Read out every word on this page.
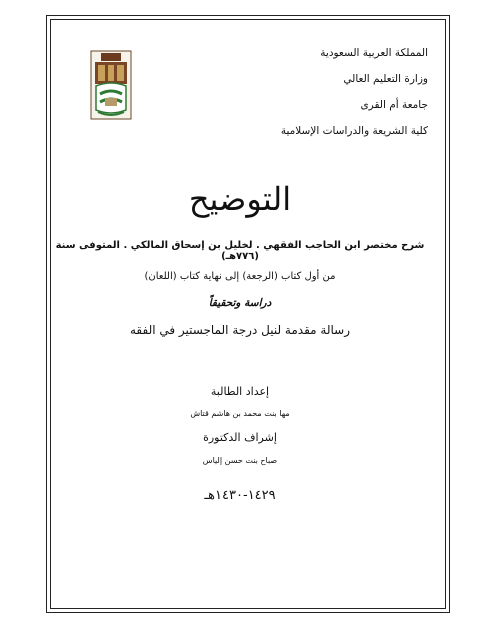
المملكة العربية السعودية
وزارة التعليم العالي
جامعة أم القرى
كلية الشريعة والدراسات الإسلامية
التوضيح
شرح مختصر ابن الحاجب الفقهي . لخليل بن إسحاق المالكي . المتوفى سنة (٧٧٦هـ)
من أول كتاب (الرجعة) إلى نهاية كتاب (اللعان)
دراسة وتحقيقاً
رسالة مقدمة لنيل درجة الماجستير في الفقه
إعداد الطالبة
مها بنت محمد بن هاشم قتاش
إشراف الدكتورة
صباح بنت حسن إلياس
١٤٢٩-١٤٣٠هـ
